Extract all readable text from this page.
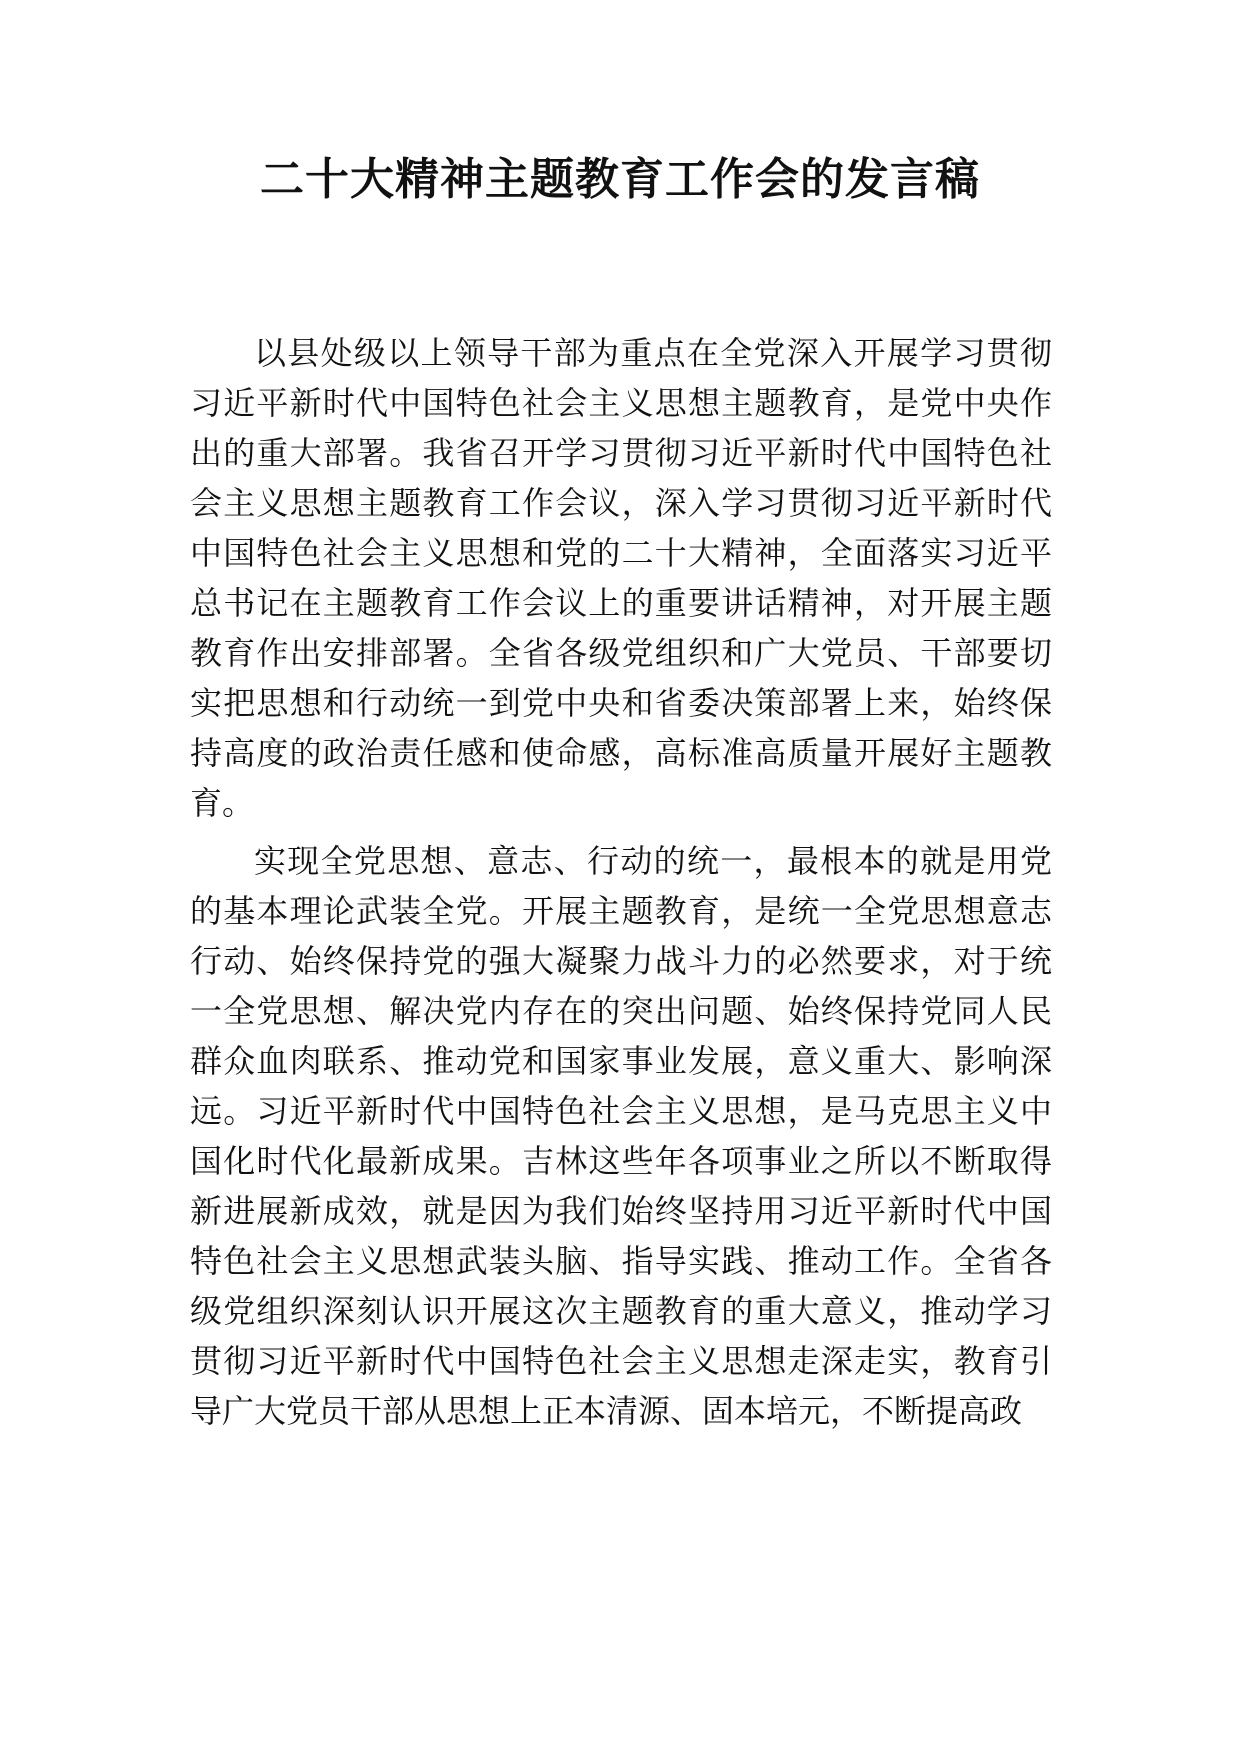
二十大精神主题教育工作会的发言稿

以县处级以上领导干部为重点在全党深入开展学习贯彻习近平新时代中国特色社会主义思想主题教育，是党中央作出的重大部署。我省召开学习贯彻习近平新时代中国特色社会主义思想主题教育工作会议，深入学习贯彻习近平新时代中国特色社会主义思想和党的二十大精神，全面落实习近平总书记在主题教育工作会议上的重要讲话精神，对开展主题教育作出安排部署。全省各级党组织和广大党员、干部要切实把思想和行动统一到党中央和省委决策部署上来，始终保持高度的政治责任感和使命感，高标准高质量开展好主题教育。

实现全党思想、意志、行动的统一，最根本的就是用党的基本理论武装全党。开展主题教育，是统一全党思想意志行动、始终保持党的强大凝聚力战斗力的必然要求，对于统一全党思想、解决党内存在的突出问题、始终保持党同人民群众血肉联系、推动党和国家事业发展，意义重大、影响深远。习近平新时代中国特色社会主义思想，是马克思主义中国化时代化最新成果。吉林这些年各项事业之所以不断取得新进展新成效，就是因为我们始终坚持用习近平新时代中国特色社会主义思想武装头脑、指导实践、推动工作。全省各级党组织深刻认识开展这次主题教育的重大意义，推动学习贯彻习近平新时代中国特色社会主义思想走深走实，教育引导广大党员干部从思想上正本清源、固本培元，不断提高政
